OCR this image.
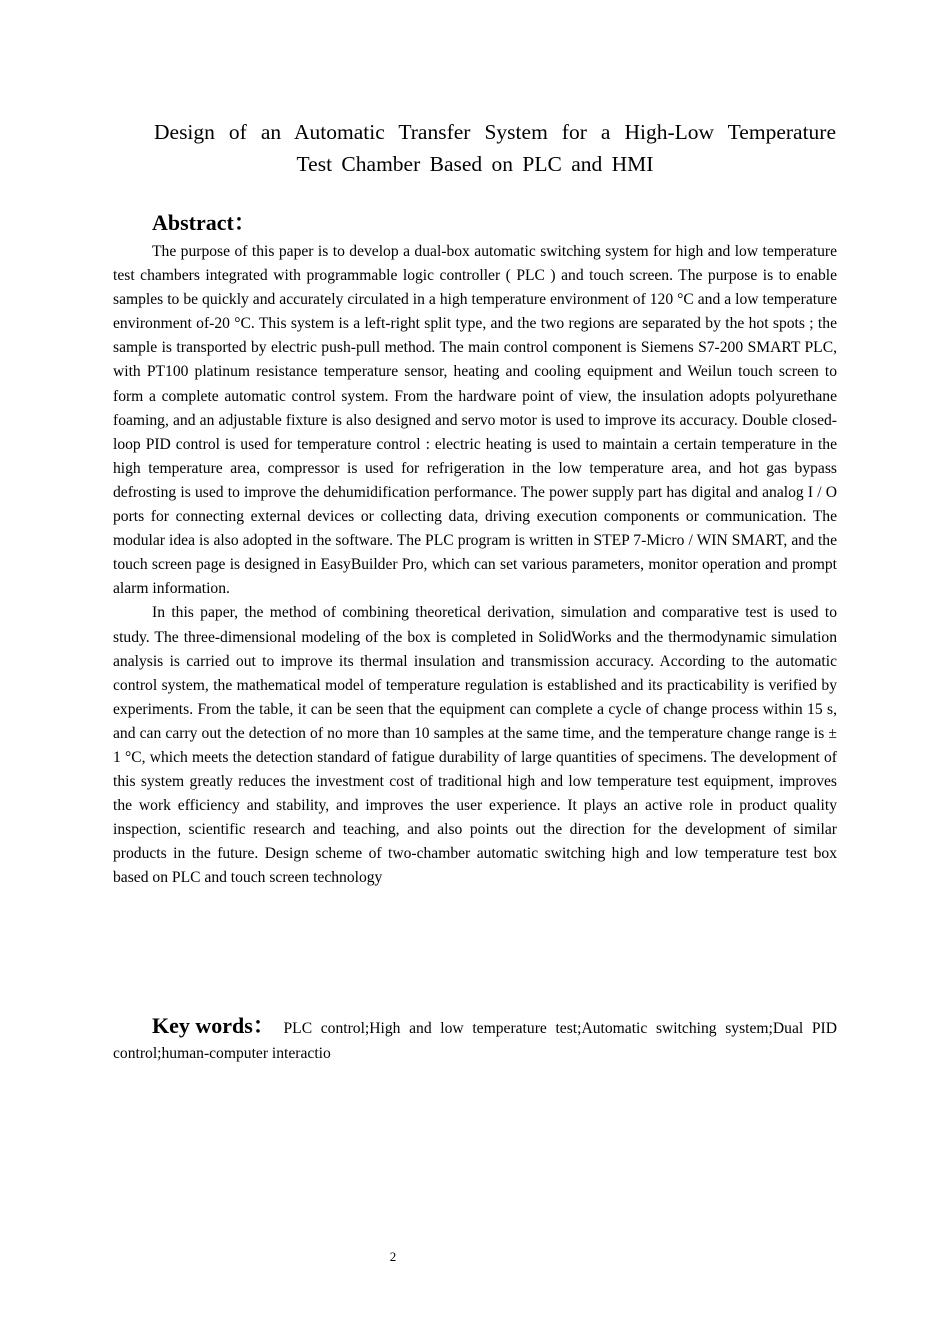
Design of an Automatic Transfer System for a High-Low Temperature
Test Chamber Based on PLC and HMI
Abstract：

The purpose of this paper is to develop a dual-box automatic switching system for high and low temperature test chambers integrated with programmable logic controller ( PLC ) and touch screen. The purpose is to enable samples to be quickly and accurately circulated in a high temperature environment of 120 °C and a low temperature environment of-20 °C. This system is a left-right split type, and the two regions are separated by the hot spots ; the sample is transported by electric push-pull method. The main control component is Siemens S7-200 SMART PLC, with PT100 platinum resistance temperature sensor, heating and cooling equipment and Weilun touch screen to form a complete automatic control system. From the hardware point of view, the insulation adopts polyurethane foaming, and an adjustable fixture is also designed and servo motor is used to improve its accuracy. Double closed-loop PID control is used for temperature control : electric heating is used to maintain a certain temperature in the high temperature area, compressor is used for refrigeration in the low temperature area, and hot gas bypass defrosting is used to improve the dehumidification performance. The power supply part has digital and analog I / O ports for connecting external devices or collecting data, driving execution components or communication. The modular idea is also adopted in the software. The PLC program is written in STEP 7-Micro / WIN SMART, and the touch screen page is designed in EasyBuilder Pro, which can set various parameters, monitor operation and prompt alarm information.

In this paper, the method of combining theoretical derivation, simulation and comparative test is used to study. The three-dimensional modeling of the box is completed in SolidWorks and the thermodynamic simulation analysis is carried out to improve its thermal insulation and transmission accuracy. According to the automatic control system, the mathematical model of temperature regulation is established and its practicability is verified by experiments. From the table, it can be seen that the equipment can complete a cycle of change process within 15 s, and can carry out the detection of no more than 10 samples at the same time, and the temperature change range is ± 1 °C, which meets the detection standard of fatigue durability of large quantities of specimens. The development of this system greatly reduces the investment cost of traditional high and low temperature test equipment, improves the work efficiency and stability, and improves the user experience. It plays an active role in product quality inspection, scientific research and teaching, and also points out the direction for the development of similar products in the future. Design scheme of two-chamber automatic switching high and low temperature test box based on PLC and touch screen technology

Key words： PLC control;High and low temperature test;Automatic switching system;Dual PID control;human-computer interactio
2
